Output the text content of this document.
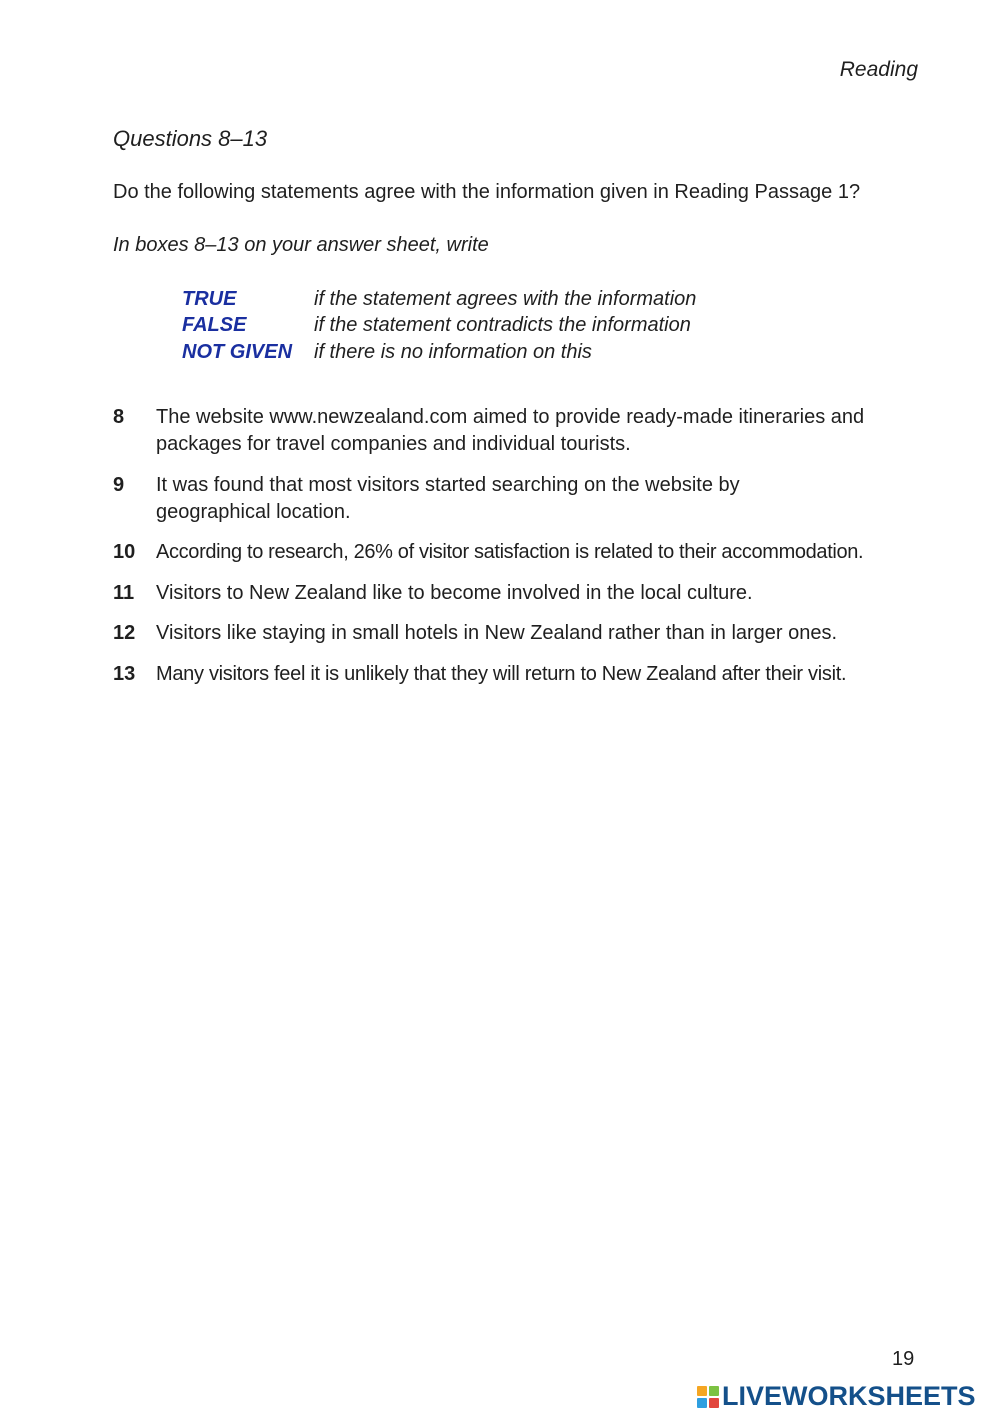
Reading
Questions 8–13
Do the following statements agree with the information given in Reading Passage 1?
In boxes 8–13 on your answer sheet, write
TRUE	if the statement agrees with the information
FALSE	if the statement contradicts the information
NOT GIVEN	if there is no information on this
8	The website www.newzealand.com aimed to provide ready-made itineraries and packages for travel companies and individual tourists.
9	It was found that most visitors started searching on the website by geographical location.
10	According to research, 26% of visitor satisfaction is related to their accommodation.
11	Visitors to New Zealand like to become involved in the local culture.
12	Visitors like staying in small hotels in New Zealand rather than in larger ones.
13	Many visitors feel it is unlikely that they will return to New Zealand after their visit.
19
LIVEWORKSHEETS
